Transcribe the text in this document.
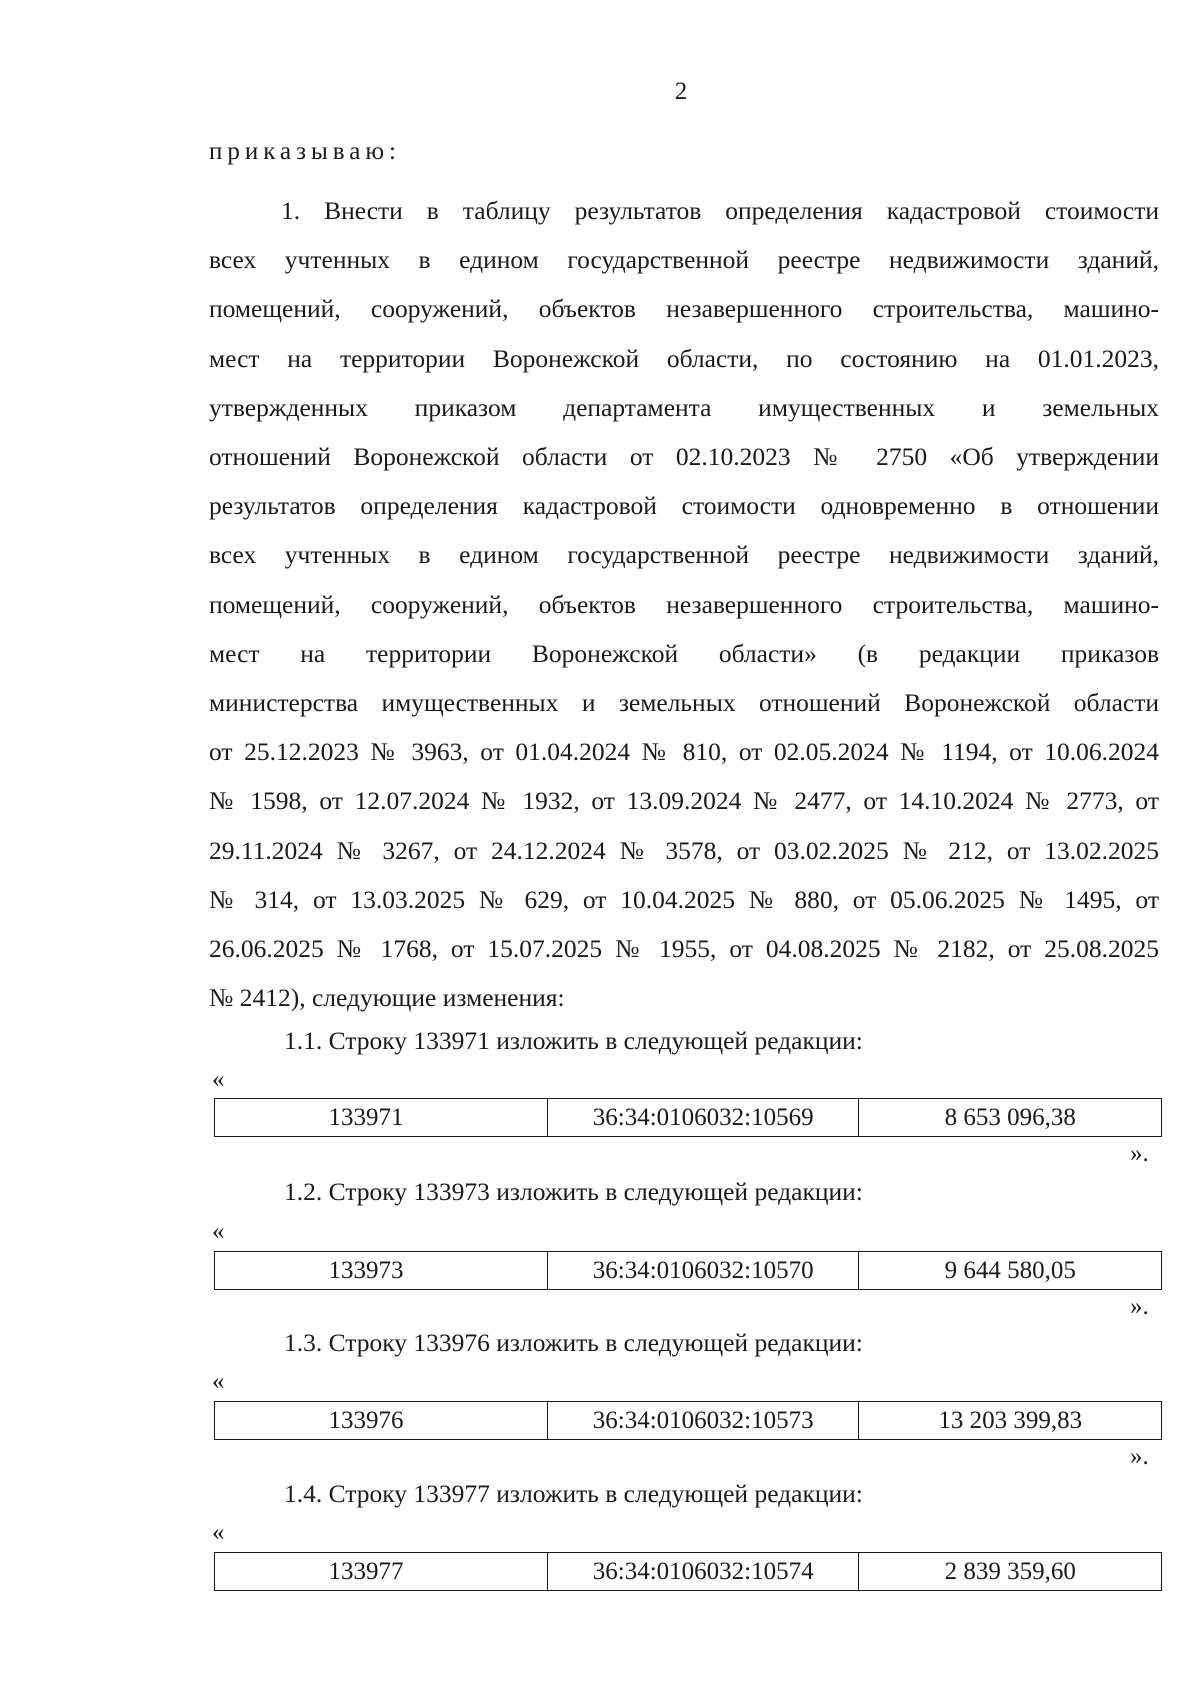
2
приказываю:
1. Внести в таблицу результатов определения кадастровой стоимости
всех учтенных в едином государственной реестре недвижимости зданий,
помещений, сооружений, объектов незавершенного строительства, машино-
мест на территории Воронежской области, по состоянию на 01.01.2023,
утвержденных приказом департамента имущественных и земельных
отношений Воронежской области от 02.10.2023 № 2750 «Об утверждении
результатов определения кадастровой стоимости одновременно в отношении
всех учтенных в едином государственной реестре недвижимости зданий,
помещений, сооружений, объектов незавершенного строительства, машино-
мест на территории Воронежской области» (в редакции приказов
министерства имущественных и земельных отношений Воронежской области
от 25.12.2023 № 3963, от 01.04.2024 № 810, от 02.05.2024 № 1194, от 10.06.2024
№ 1598, от 12.07.2024 № 1932, от 13.09.2024 № 2477, от 14.10.2024 № 2773, от
29.11.2024 № 3267, от 24.12.2024 № 3578, от 03.02.2025 № 212, от 13.02.2025
№ 314, от 13.03.2025 № 629, от 10.04.2025 № 880, от 05.06.2025 № 1495, от
26.06.2025 № 1768, от 15.07.2025 № 1955, от 04.08.2025 № 2182, от 25.08.2025
№ 2412), следующие изменения:
1.1. Строку 133971 изложить в следующей редакции:
«
133971	36:34:0106032:10569	8 653 096,38
».
1.2. Строку 133973 изложить в следующей редакции:
«
133973	36:34:0106032:10570	9 644 580,05
».
1.3. Строку 133976 изложить в следующей редакции:
«
133976	36:34:0106032:10573	13 203 399,83
».
1.4. Строку 133977 изложить в следующей редакции:
«
133977	36:34:0106032:10574	2 839 359,60
